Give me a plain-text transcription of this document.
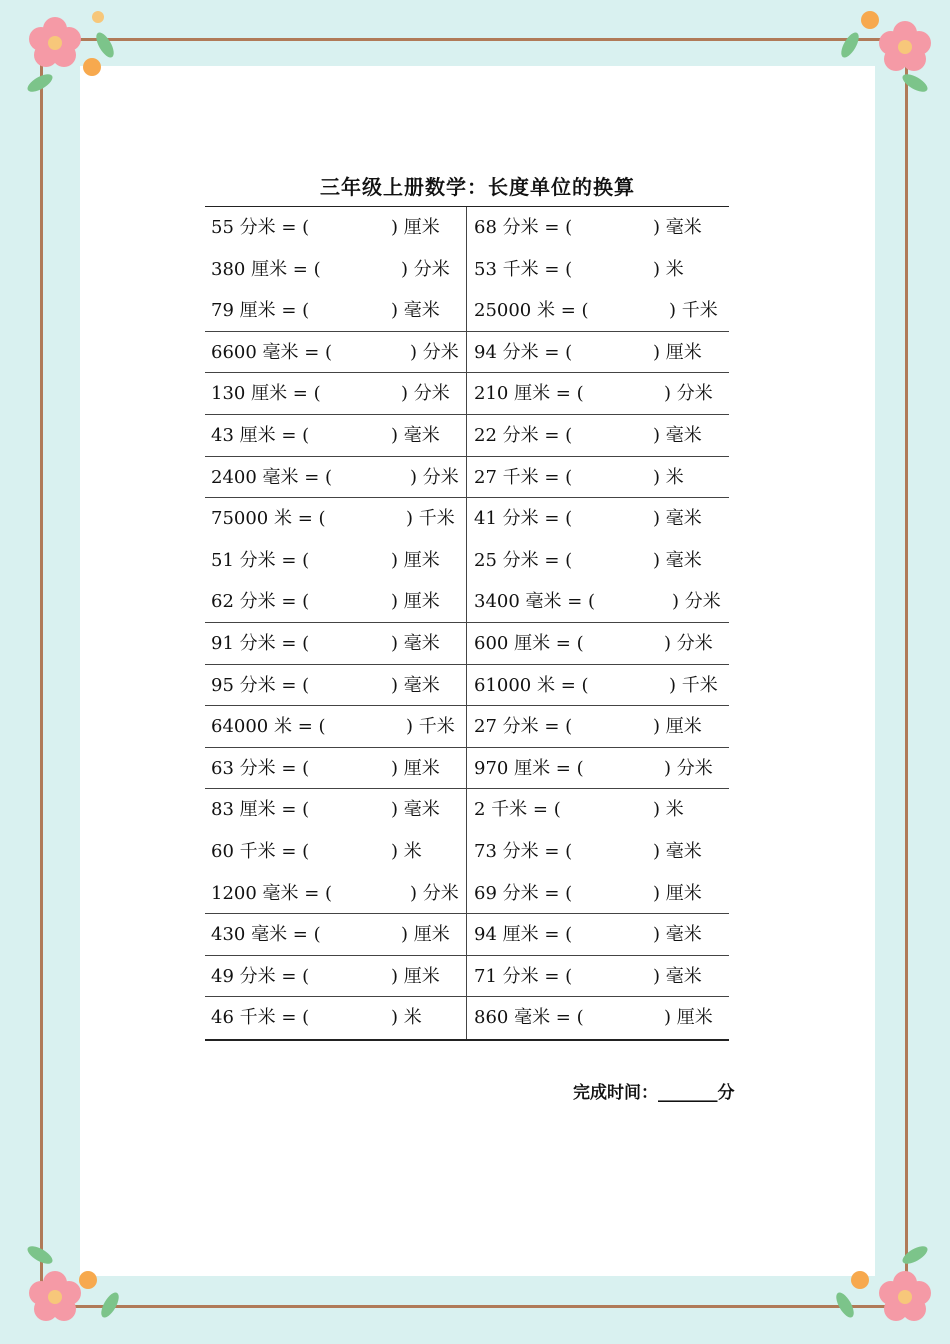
三年级上册数学：长度单位的换算
55 分米 = (	) 厘米 68 分米 = (	) 毫米
380 厘米 = (	) 分米 53 千米 = (	) 米
79 厘米 = (	) 毫米 25000 米 = (	) 千米
6600 毫米 = (	) 分米 94 分米 = (	) 厘米
130 厘米 = (	) 分米 210 厘米 = (	) 分米
43 厘米 = (	) 毫米 22 分米 = (	) 毫米
2400 毫米 = (	) 分米 27 千米 = (	) 米
75000 米 = (	) 千米 41 分米 = (	) 毫米
51 分米 = (	) 厘米 25 分米 = (	) 毫米
62 分米 = (	) 厘米 3400 毫米 = (	) 分米
91 分米 = (	) 毫米 600 厘米 = (	) 分米
95 分米 = (	) 毫米 61000 米 = (	) 千米
64000 米 = (	) 千米 27 分米 = (	) 厘米
63 分米 = (	) 厘米 970 厘米 = (	) 分米
83 厘米 = (	) 毫米 2 千米 = (	) 米
60 千米 = (	) 米	73 分米 = (	) 毫米
1200 毫米 = (	) 分米 69 分米 = (	) 厘米
430 毫米 = (	) 厘米 94 厘米 = (	) 毫米
49 分米 = (	) 厘米 71 分米 = (	) 毫米
46 千米 = (	) 米	860 毫米 = (	) 厘米
完成时间：_______分
